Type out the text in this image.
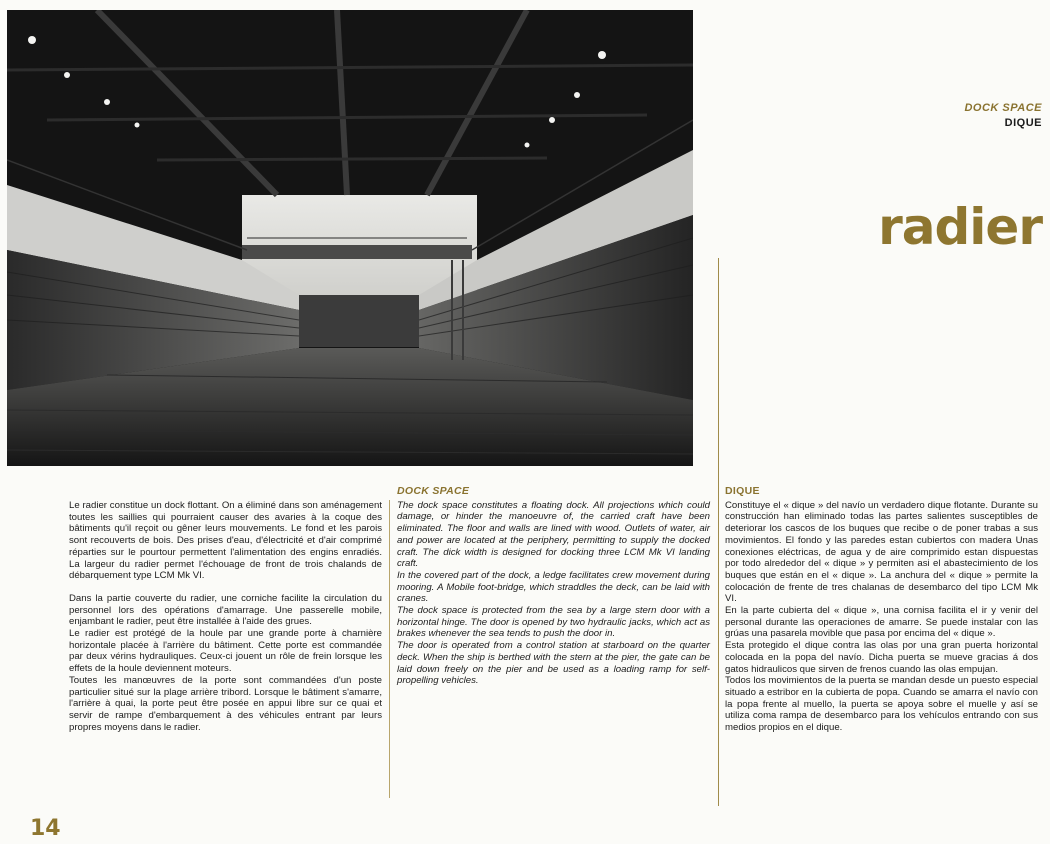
DOCK SPACE
DIQUE
radier

Le radier constitue un dock flottant. On a éliminé dans son aménagement toutes les saillies qui pourraient causer des avaries à la coque des bâtiments qu'il reçoit ou gêner leurs mouvements. Le fond et les parois sont recouverts de bois. Des prises d'eau, d'électricité et d'air comprimé réparties sur le pourtour permettent l'alimentation des engins enradiés. La largeur du radier permet l'échouage de front de trois chalands de débarquement type LCM Mk VI.

Dans la partie couverte du radier, une corniche facilite la circulation du personnel lors des opérations d'amarrage. Une passerelle mobile, enjambant le radier, peut être installée à l'aide des grues.

Le radier est protégé de la houle par une grande porte à charnière horizontale placée à l'arrière du bâtiment. Cette porte est commandée par deux vérins hydrauliques. Ceux-ci jouent un rôle de frein lorsque les effets de la houle deviennent moteurs.

Toutes les manœuvres de la porte sont commandées d'un poste particulier situé sur la plage arrière tribord. Lorsque le bâtiment s'amarre, l'arrière à quai, la porte peut être posée en appui libre sur ce quai et servir de rampe d'embarquement à des véhicules entrant par leurs propres moyens dans le radier.

DOCK SPACE

The dock space constitutes a floating dock. All projections which could damage, or hinder the manoeuvre of, the carried craft have been eliminated. The floor and walls are lined with wood. Outlets of water, air and power are located at the periphery, permitting to supply the docked craft. The dick width is designed for docking three LCM Mk VI landing craft.

In the covered part of the dock, a ledge facilitates crew movement during mooring. A Mobile foot-bridge, which straddles the deck, can be laid with cranes.

The dock space is protected from the sea by a large stern door with a horizontal hinge. The door is opened by two hydraulic jacks, which act as brakes whenever the sea tends to push the door in.

The door is operated from a control station at starboard on the quarter deck. When the ship is berthed with the stern at the pier, the gate can be laid down freely on the pier and be used as a loading ramp for self-propelling vehicles.

DIQUE

Constituye el « dique » del navío un verdadero dique flotante. Durante su construcción han eliminado todas las partes salientes susceptibles de deteriorar los cascos de los buques que recibe o de poner trabas a sus movimientos. El fondo y las paredes estan cubiertos con madera Unas conexiones eléctricas, de agua y de aire comprimido estan dispuestas por todo alrededor del « dique » y permiten asi el abastecimiento de los buques que están en el « dique ». La anchura del « dique » permite la colocación de frente de tres chalanas de desembarco del tipo LCM Mk VI.

En la parte cubierta del « dique », una cornisa facilita el ir y venir del personal durante las operaciones de amarre. Se puede instalar con las grúas una pasarela movible que pasa por encima del « dique ».

Esta protegido el dique contra las olas por una gran puerta horizontal colocada en la popa del navío. Dicha puerta se mueve gracias á dos gatos hidraulicos que sirven de frenos cuando las olas empujan.

Todos los movimientos de la puerta se mandan desde un puesto especial situado a estribor en la cubierta de popa. Cuando se amarra el navío con la popa frente al muello, la puerta se apoya sobre el muelle y así se utiliza coma rampa de desembarco para los vehículos entrando con sus medios propios en el dique.

14
